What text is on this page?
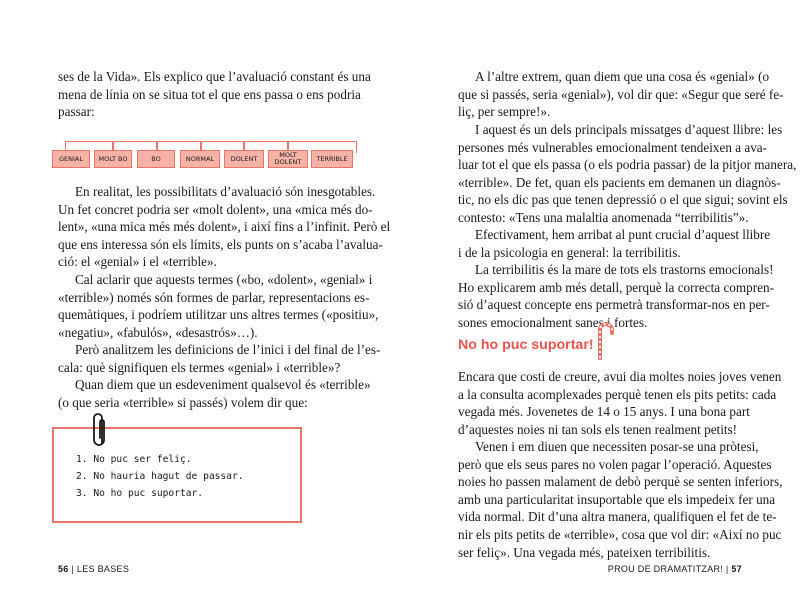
ses de la Vida». Els explico que l’avaluació constant és una
mena de línia on se situa tot el que ens passa o ens podria
passar:
GENIAL	MOLT BO	BO	NORMAL	DOLENT	MOLT DOLENT	TERRIBLE
En realitat, les possibilitats d’avaluació són inesgotables.
Un fet concret podria ser «molt dolent», una «mica més do-
lent», «una mica més més dolent», i així fins a l’infinit. Però el
que ens interessa són els límits, els punts on s’acaba l’avalua-
ció: el «genial» i el «terrible».
Cal aclarir que aquests termes («bo, «dolent», «genial» i
«terrible») només són formes de parlar, representacions es-
quemàtiques, i podríem utilitzar uns altres termes («positiu»,
«negatiu», «fabulós», «desastrós»…).
Però analitzem les definicions de l’inici i del final de l’es-
cala: què signifiquen els termes «genial» i «terrible»?
Quan diem que un esdeveniment qualsevol és «terrible»
(o que seria «terrible» si passés) volem dir que:
1. No puc ser feliç.
2. No hauria hagut de passar.
3. No ho puc suportar.
56 | LES BASES
A l’altre extrem, quan diem que una cosa és «genial» (o
que si passés, seria «genial»), vol dir que: «Segur que seré fe-
liç, per sempre!».
I aquest és un dels principals missatges d’aquest llibre: les
persones més vulnerables emocionalment tendeixen a ava-
luar tot el que els passa (o els podria passar) de la pitjor manera,
«terrible». De fet, quan els pacients em demanen un diagnòs-
tic, no els dic pas que tenen depressió o el que sigui; sovint els
contesto: «Tens una malaltia anomenada “terribilitis”».
Efectivament, hem arribat al punt crucial d’aquest llibre
i de la psicologia en general: la terribilitis.
La terribilitis és la mare de tots els trastorns emocionals!
Ho explicarem amb més detall, perquè la correcta compren-
sió d’aquest concepte ens permetrà transformar-nos en per-
sones emocionalment sanes i fortes.
No ho puc suportar!
Encara que costi de creure, avui dia moltes noies joves venen
a la consulta acomplexades perquè tenen els pits petits: cada
vegada més. Jovenetes de 14 o 15 anys. I una bona part
d’aquestes noies ni tan sols els tenen realment petits!
Venen i em diuen que necessiten posar-se una pròtesi,
però que els seus pares no volen pagar l’operació. Aquestes
noies ho passen malament de debò perquè se senten inferiors,
amb una particularitat insuportable que els impedeix fer una
vida normal. Dit d’una altra manera, qualifiquen el fet de te-
nir els pits petits de «terrible», cosa que vol dir: «Així no puc
ser feliç». Una vegada més, pateixen terribilitis.
PROU DE DRAMATITZAR! | 57
